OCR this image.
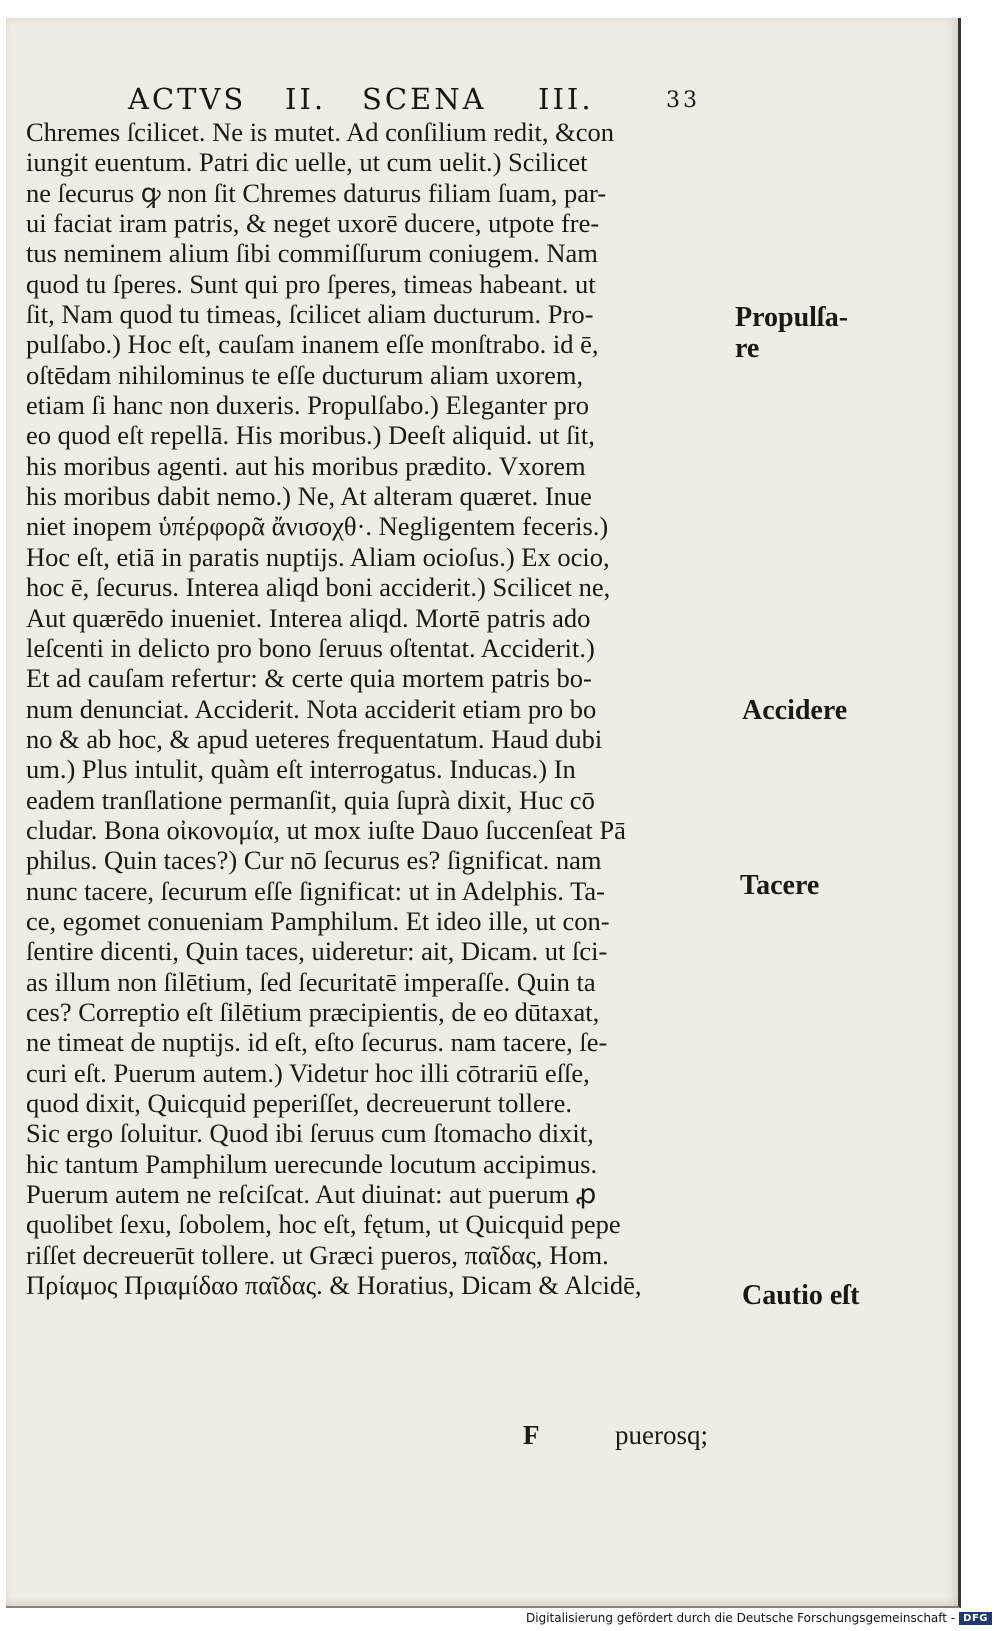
ACTVS II. SCENA III.	33
Chremes ſcilicet. Ne is mutet. Ad conſilium redit, &con
iungit euentum. Patri dic uelle, ut cum uelit.) Scilicet
ne ſecurus ꝙ non ſit Chremes daturus filiam ſuam, par-
ui faciat iram patris, & neget uxorē ducere, utpote fre-
tus neminem alium ſibi commiſſurum coniugem. Nam
quod tu ſperes. Sunt qui pro ſperes, timeas habeant. ut
ſit, Nam quod tu timeas, ſcilicet aliam ducturum. Pro-
pulſabo.) Hoc eſt, cauſam inanem eſſe monſtrabo. id ē,
oſtēdam nihilominus te eſſe ducturum aliam uxorem,
etiam ſi hanc non duxeris. Propulſabo.) Eleganter pro
eo quod eſt repellā. His moribus.) Deeſt aliquid. ut ſit,
his moribus agenti. aut his moribus prædito. Vxorem
his moribus dabit nemo.) Ne, At alteram quæret. Inue
niet inopem ὑπέρφορᾶ ἄνισοχθ·. Negligentem feceris.)
Hoc eſt, etiā in paratis nuptijs. Aliam ocioſus.) Ex ocio,
hoc ē, ſecurus. Interea aliqd boni acciderit.) Scilicet ne,
Aut quærēdo inueniet. Interea aliqd. Mortē patris ado
leſcenti in delicto pro bono ſeruus oſtentat. Acciderit.)
Et ad cauſam refertur: & certe quia mortem patris bo-
num denunciat. Acciderit. Nota acciderit etiam pro bo
no & ab hoc, & apud ueteres frequentatum. Haud dubi
um.) Plus intulit, quàm eſt interrogatus. Inducas.) In
eadem tranſlatione permanſit, quia ſuprà dixit, Huc cō
cludar. Bona οἰκονομία, ut mox iuſte Dauo ſuccenſeat Pā
philus. Quin taces?) Cur nō ſecurus es? ſignificat. nam
nunc tacere, ſecurum eſſe ſignificat: ut in Adelphis. Ta-
ce, egomet conueniam Pamphilum. Et ideo ille, ut con-
ſentire dicenti, Quin taces, uideretur: ait, Dicam. ut ſci-
as illum non ſilētium, ſed ſecuritatē imperaſſe. Quin ta
ces? Correptio eſt ſilētium præcipientis, de eo dūtaxat,
ne timeat de nuptijs. id eſt, eſto ſecurus. nam tacere, ſe-
curi eſt. Puerum autem.) Videtur hoc illi cōtrariū eſſe,
quod dixit, Quicquid peperiſſet, decreuerunt tollere.
Sic ergo ſoluitur. Quod ibi ſeruus cum ſtomacho dixit,
hic tantum Pamphilum uerecunde locutum accipimus.
Puerum autem ne reſciſcat. Aut diuinat: aut puerum ꝓ
quolibet ſexu, ſobolem, hoc eſt, fętum, ut Quicquid pepe
riſſet decreuerūt tollere. ut Græci pueros, παῖδας, Hom.
Πρίαμος Πριαμίδαο παῖδας. & Horatius, Dicam & Alcidē,
F	puerosq;
Propulſa-
re
Accidere
Tacere
Cautio eſt
Digitalisierung gefördert durch die Deutsche Forschungsgemeinschaft - DFG
